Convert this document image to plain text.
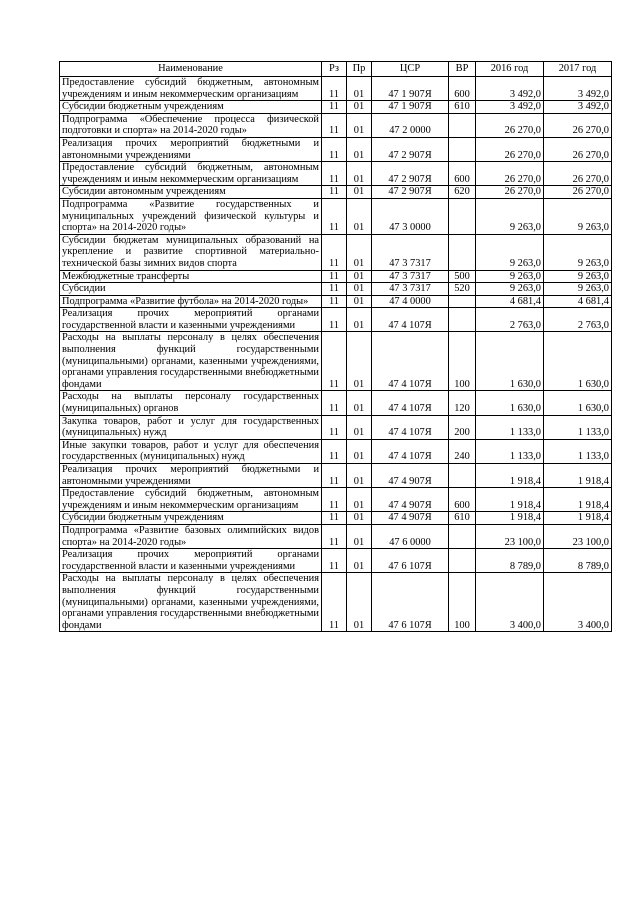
Наименование	Рз	Пр	ЦСР	ВР	2016 год	2017 год

Предоставление субсидий бюджетным, автономным учреждениям и иным некоммерческим организациям	11	01	47 1 907Я	600	3 492,0	3 492,0

Субсидии бюджетным учреждениям	11	01	47 1 907Я	610	3 492,0	3 492,0

Подпрограмма «Обеспечение процесса физической подготовки и спорта» на 2014-2020 годы»	11	01	47 2 0000		26 270,0	26 270,0

Реализация прочих мероприятий бюджетными и автономными учреждениями	11	01	47 2 907Я		26 270,0	26 270,0

Предоставление субсидий бюджетным, автономным учреждениям и иным некоммерческим организациям	11	01	47 2 907Я	600	26 270,0	26 270,0

Субсидии автономным учреждениям	11	01	47 2 907Я	620	26 270,0	26 270,0

Подпрограмма «Развитие государственных и муниципальных учреждений физической культуры и спорта» на 2014-2020 годы»	11	01	47 3 0000		9 263,0	9 263,0

Субсидии бюджетам муниципальных образований на укрепление и развитие спортивной материально-технической базы зимних видов спорта	11	01	47 3 7317		9 263,0	9 263,0

Межбюджетные трансферты	11	01	47 3 7317	500	9 263,0	9 263,0

Субсидии	11	01	47 3 7317	520	9 263,0	9 263,0

Подпрограмма «Развитие футбола» на 2014-2020 годы»	11	01	47 4 0000		4 681,4	4 681,4

Реализация прочих мероприятий органами государственной власти и казенными учреждениями	11	01	47 4 107Я		2 763,0	2 763,0

Расходы на выплаты персоналу в целях обеспечения выполнения функций государственными (муниципальными) органами, казенными учреждениями, органами управления государственными внебюджетными фондами	11	01	47 4 107Я	100	1 630,0	1 630,0

Расходы на выплаты персоналу государственных (муниципальных) органов	11	01	47 4 107Я	120	1 630,0	1 630,0

Закупка товаров, работ и услуг для государственных (муниципальных) нужд	11	01	47 4 107Я	200	1 133,0	1 133,0

Иные закупки товаров, работ и услуг для обеспечения государственных (муниципальных) нужд	11	01	47 4 107Я	240	1 133,0	1 133,0

Реализация прочих мероприятий бюджетными и автономными учреждениями	11	01	47 4 907Я		1 918,4	1 918,4

Предоставление субсидий бюджетным, автономным учреждениям и иным некоммерческим организациям	11	01	47 4 907Я	600	1 918,4	1 918,4

Субсидии бюджетным учреждениям	11	01	47 4 907Я	610	1 918,4	1 918,4

Подпрограмма «Развитие базовых олимпийских видов спорта» на 2014-2020 годы»	11	01	47 6 0000		23 100,0	23 100,0

Реализация прочих мероприятий органами государственной власти и казенными учреждениями	11	01	47 6 107Я		8 789,0	8 789,0

Расходы на выплаты персоналу в целях обеспечения выполнения функций государственными (муниципальными) органами, казенными учреждениями, органами управления государственными внебюджетными фондами	11	01	47 6 107Я	100	3 400,0	3 400,0
